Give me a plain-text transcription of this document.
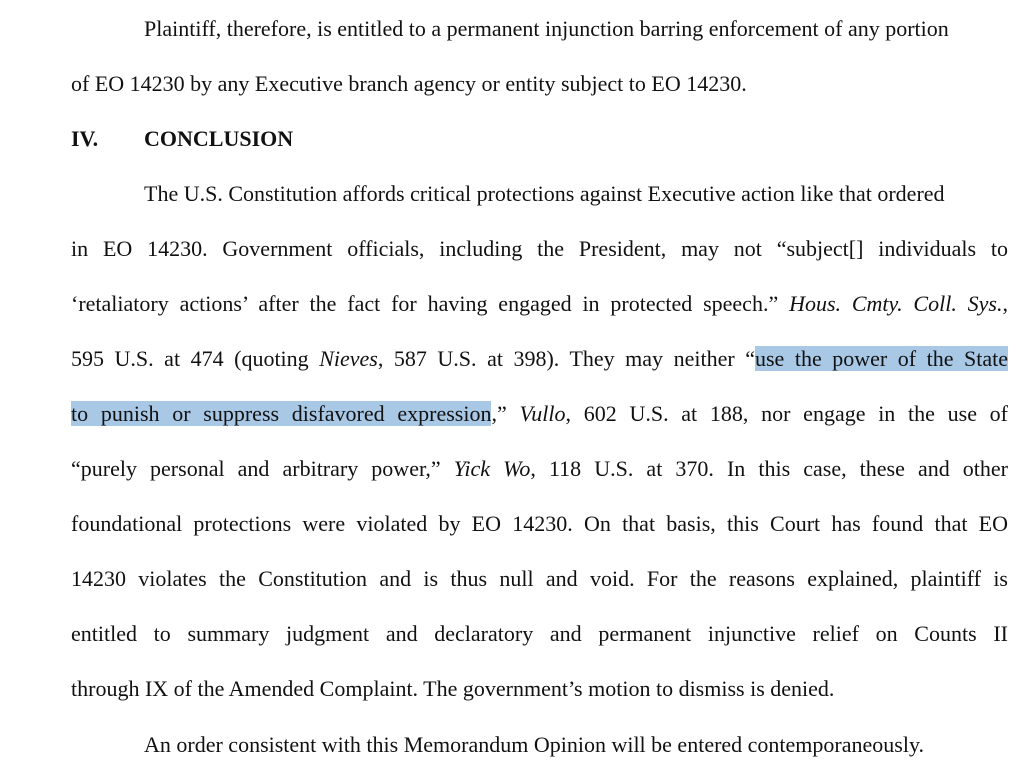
Plaintiff, therefore, is entitled to a permanent injunction barring enforcement of any portion
of EO 14230 by any Executive branch agency or entity subject to EO 14230.
IV. CONCLUSION
The U.S. Constitution affords critical protections against Executive action like that ordered
in EO 14230. Government officials, including the President, may not “subject[] individuals to
‘retaliatory actions’ after the fact for having engaged in protected speech.” Hous. Cmty. Coll. Sys.,
595 U.S. at 474 (quoting Nieves, 587 U.S. at 398). They may neither “use the power of the State
to punish or suppress disfavored expression,” Vullo, 602 U.S. at 188, nor engage in the use of
“purely personal and arbitrary power,” Yick Wo, 118 U.S. at 370. In this case, these and other
foundational protections were violated by EO 14230. On that basis, this Court has found that EO
14230 violates the Constitution and is thus null and void. For the reasons explained, plaintiff is
entitled to summary judgment and declaratory and permanent injunctive relief on Counts II
through IX of the Amended Complaint. The government’s motion to dismiss is denied.
An order consistent with this Memorandum Opinion will be entered contemporaneously.
